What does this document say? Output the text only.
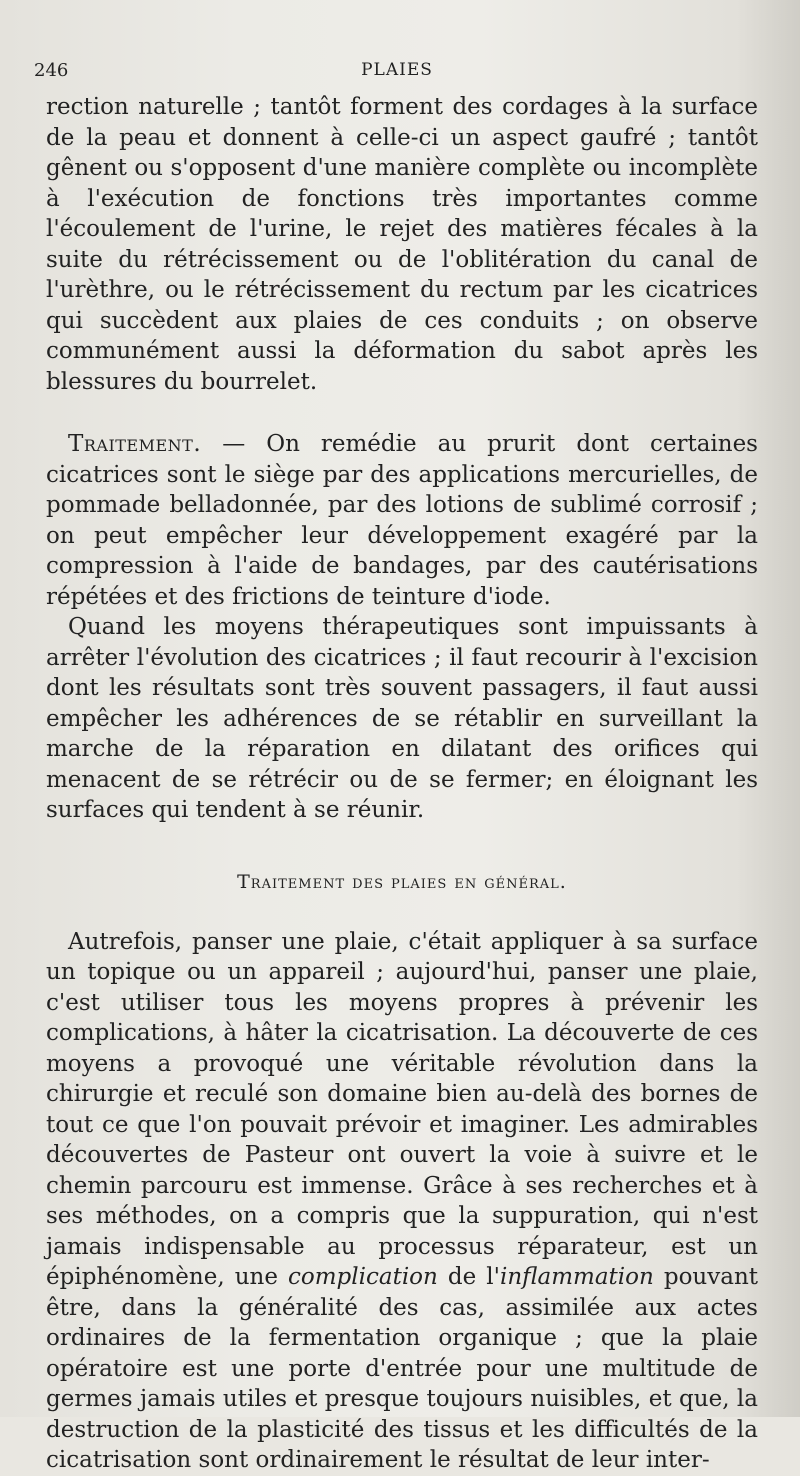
246	PLAIES

rection naturelle ; tantôt forment des cordages à la surface de la peau et donnent à celle-ci un aspect gaufré ; tantôt gênent ou s'opposent d'une manière complète ou incomplète à l'exécution de fonctions très importantes comme l'écoulement de l'urine, le rejet des matières fécales à la suite du rétrécissement ou de l'oblitération du canal de l'urèthre, ou le rétrécissement du rectum par les cicatrices qui succèdent aux plaies de ces conduits ; on observe communément aussi la déformation du sabot après les blessures du bourrelet.

Traitement. — On remédie au prurit dont certaines cicatrices sont le siège par des applications mercurielles, de pommade belladonnée, par des lotions de sublimé corrosif ; on peut empêcher leur développement exagéré par la compression à l'aide de bandages, par des cautérisations répétées et des frictions de teinture d'iode.

Quand les moyens thérapeutiques sont impuissants à arrêter l'évolution des cicatrices ; il faut recourir à l'excision dont les résultats sont très souvent passagers, il faut aussi empêcher les adhérences de se rétablir en surveillant la marche de la réparation en dilatant des orifices qui menacent de se rétrécir ou de se fermer; en éloignant les surfaces qui tendent à se réunir.

Traitement des plaies en général.

Autrefois, panser une plaie, c'était appliquer à sa surface un topique ou un appareil ; aujourd'hui, panser une plaie, c'est utiliser tous les moyens propres à prévenir les complications, à hâter la cicatrisation. La découverte de ces moyens a provoqué une véritable révolution dans la chirurgie et reculé son domaine bien au-delà des bornes de tout ce que l'on pouvait prévoir et imaginer. Les admirables découvertes de Pasteur ont ouvert la voie à suivre et le chemin parcouru est immense. Grâce à ses recherches et à ses méthodes, on a compris que la suppuration, qui n'est jamais indispensable au processus réparateur, est un épiphénomène, une complication de l'inflammation pouvant être, dans la généralité des cas, assimilée aux actes ordinaires de la fermentation organique ; que la plaie opératoire est une porte d'entrée pour une multitude de germes jamais utiles et presque toujours nuisibles, et que, la destruction de la plasticité des tissus et les difficultés de la cicatrisation sont ordinairement le résultat de leur inter-
